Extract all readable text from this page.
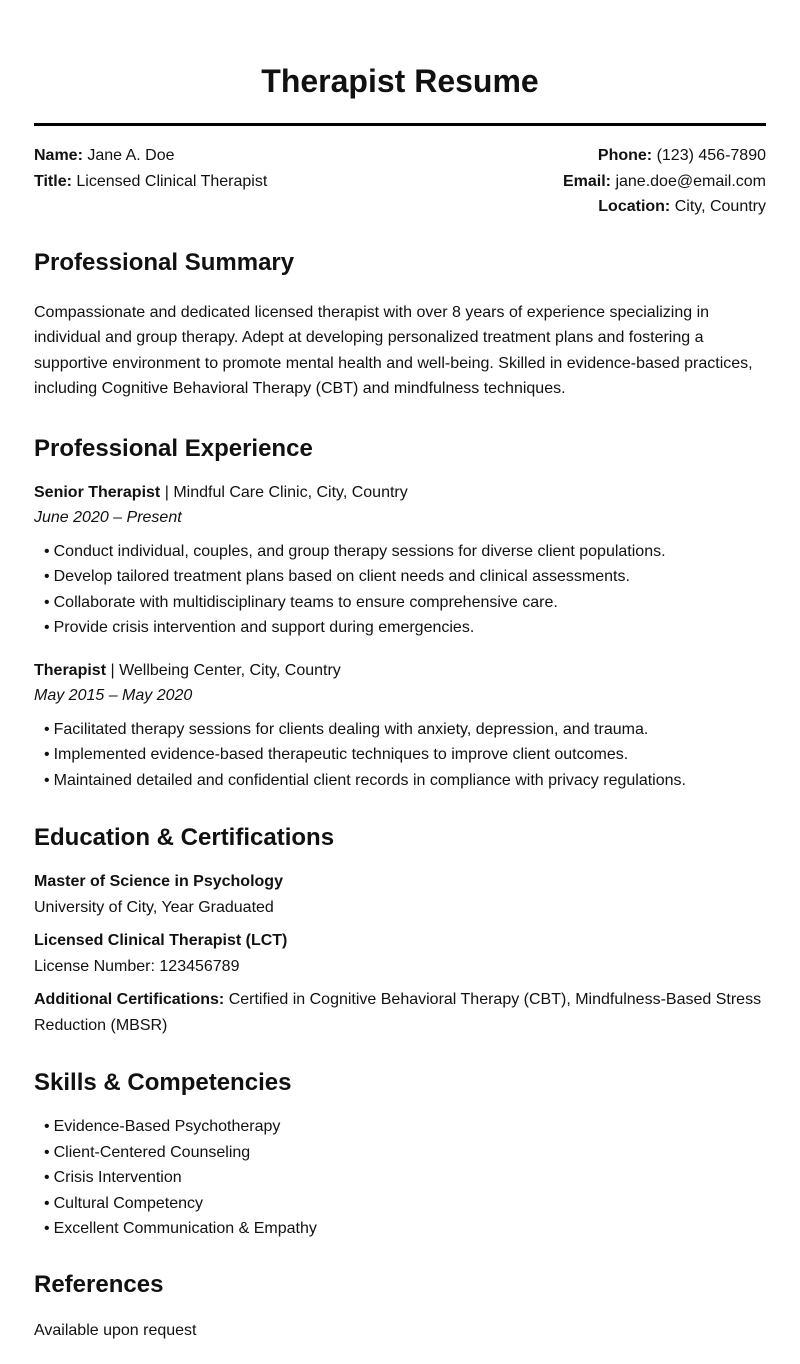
Therapist Resume
Name: Jane A. Doe
Title: Licensed Clinical Therapist
Phone: (123) 456-7890
Email: jane.doe@email.com
Location: City, Country
Professional Summary

Compassionate and dedicated licensed therapist with over 8 years of experience specializing in individual and group therapy. Adept at developing personalized treatment plans and fostering a supportive environment to promote mental health and well-being. Skilled in evidence-based practices, including Cognitive Behavioral Therapy (CBT) and mindfulness techniques.

Professional Experience
Senior Therapist | Mindful Care Clinic, City, Country
June 2020 – Present
• Conduct individual, couples, and group therapy sessions for diverse client populations.
• Develop tailored treatment plans based on client needs and clinical assessments.
• Collaborate with multidisciplinary teams to ensure comprehensive care.
• Provide crisis intervention and support during emergencies.
Therapist | Wellbeing Center, City, Country
May 2015 – May 2020
• Facilitated therapy sessions for clients dealing with anxiety, depression, and trauma.
• Implemented evidence-based therapeutic techniques to improve client outcomes.
• Maintained detailed and confidential client records in compliance with privacy regulations.
Education & Certifications
Master of Science in Psychology
University of City, Year Graduated
Licensed Clinical Therapist (LCT)
License Number: 123456789
Additional Certifications: Certified in Cognitive Behavioral Therapy (CBT), Mindfulness-Based Stress Reduction (MBSR)
Skills & Competencies
• Evidence-Based Psychotherapy
• Client-Centered Counseling
• Crisis Intervention
• Cultural Competency
• Excellent Communication & Empathy
References

Available upon request
